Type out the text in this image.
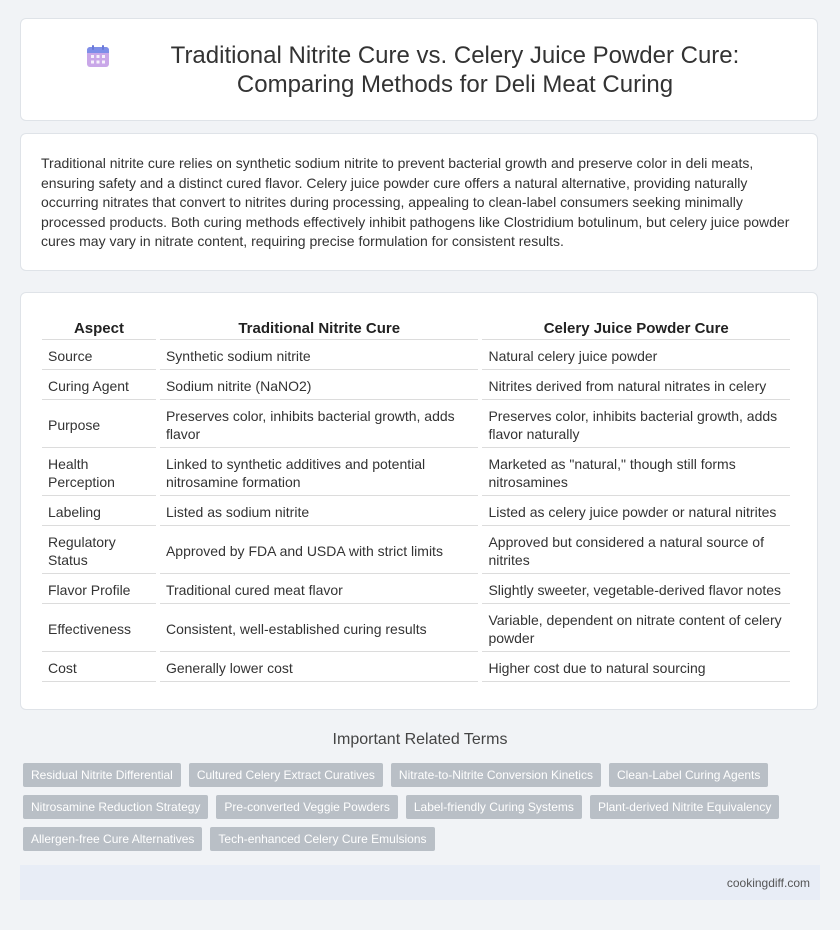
Traditional Nitrite Cure vs. Celery Juice Powder Cure: Comparing Methods for Deli Meat Curing

Traditional nitrite cure relies on synthetic sodium nitrite to prevent bacterial growth and preserve color in deli meats, ensuring safety and a distinct cured flavor. Celery juice powder cure offers a natural alternative, providing naturally occurring nitrates that convert to nitrites during processing, appealing to clean-label consumers seeking minimally processed products. Both curing methods effectively inhibit pathogens like Clostridium botulinum, but celery juice powder cures may vary in nitrate content, requiring precise formulation for consistent results.

Aspect	Traditional Nitrite Cure	Celery Juice Powder Cure
Source	Synthetic sodium nitrite	Natural celery juice powder
Curing Agent	Sodium nitrite (NaNO2)	Nitrites derived from natural nitrates in celery
Purpose	Preserves color, inhibits bacterial growth, adds flavor	Preserves color, inhibits bacterial growth, adds flavor naturally
Health Perception	Linked to synthetic additives and potential nitrosamine formation	Marketed as "natural," though still forms nitrosamines
Labeling	Listed as sodium nitrite	Listed as celery juice powder or natural nitrites
Regulatory Status	Approved by FDA and USDA with strict limits	Approved but considered a natural source of nitrites
Flavor Profile	Traditional cured meat flavor	Slightly sweeter, vegetable-derived flavor notes
Effectiveness	Consistent, well-established curing results	Variable, dependent on nitrate content of celery powder
Cost	Generally lower cost	Higher cost due to natural sourcing
Important Related Terms
Residual Nitrite Differential	Cultured Celery Extract Curatives	Nitrate-to-Nitrite Conversion Kinetics	Clean-Label Curing Agents
Nitrosamine Reduction Strategy	Pre-converted Veggie Powders	Label-friendly Curing Systems	Plant-derived Nitrite Equivalency
Allergen-free Cure Alternatives	Tech-enhanced Celery Cure Emulsions
cookingdiff.com
